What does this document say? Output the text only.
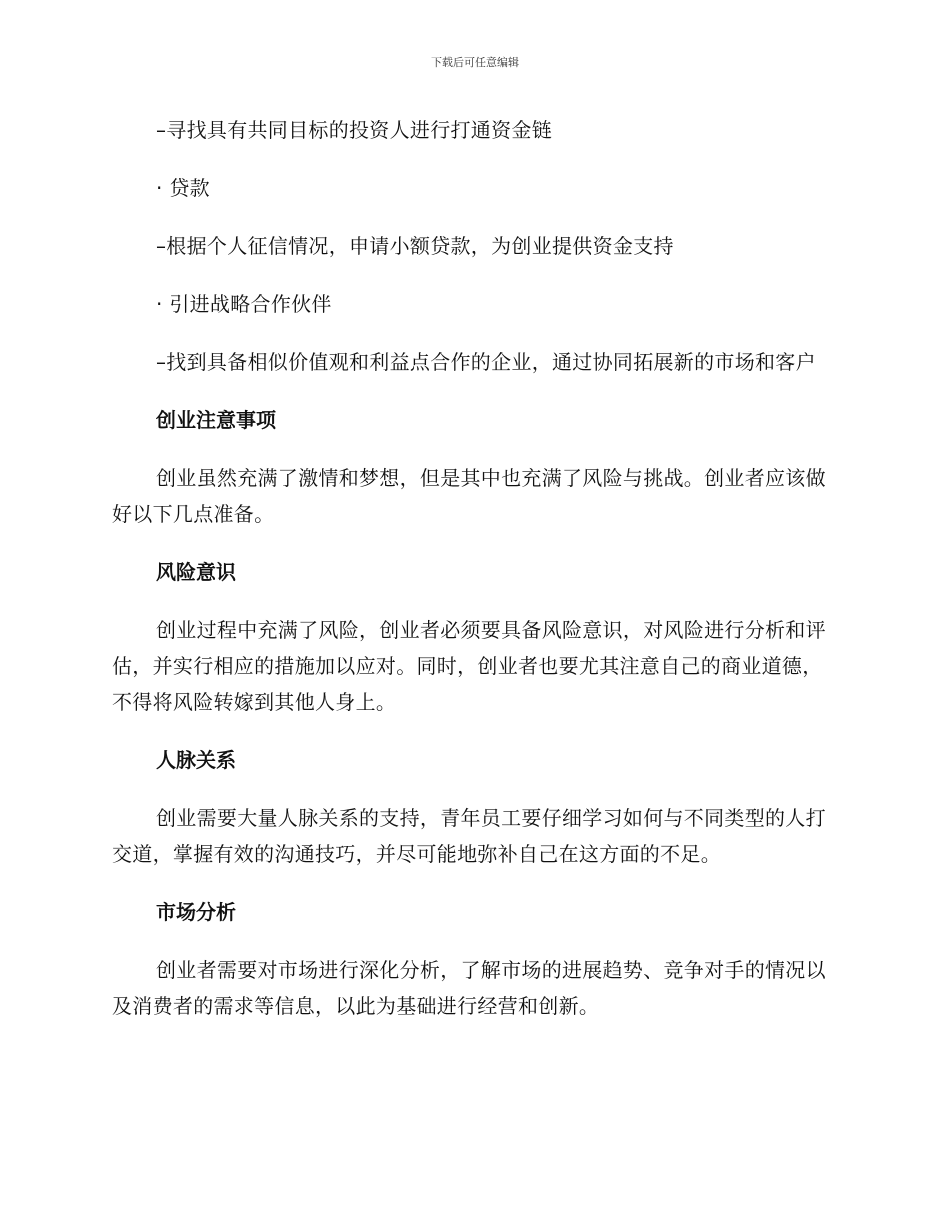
下载后可任意编辑

–寻找具有共同目标的投资人进行打通资金链

· 贷款

–根据个人征信情况，申请小额贷款，为创业提供资金支持

· 引进战略合作伙伴

–找到具备相似价值观和利益点合作的企业，通过协同拓展新的市场和客户

创业注意事项

创业虽然充满了激情和梦想，但是其中也充满了风险与挑战。创业者应该做好以下几点准备。

风险意识

创业过程中充满了风险，创业者必须要具备风险意识，对风险进行分析和评估，并实行相应的措施加以应对。同时，创业者也要尤其注意自己的商业道德，不得将风险转嫁到其他人身上。

人脉关系

创业需要大量人脉关系的支持，青年员工要仔细学习如何与不同类型的人打交道，掌握有效的沟通技巧，并尽可能地弥补自己在这方面的不足。

市场分析

创业者需要对市场进行深化分析，了解市场的进展趋势、竞争对手的情况以及消费者的需求等信息，以此为基础进行经营和创新。
